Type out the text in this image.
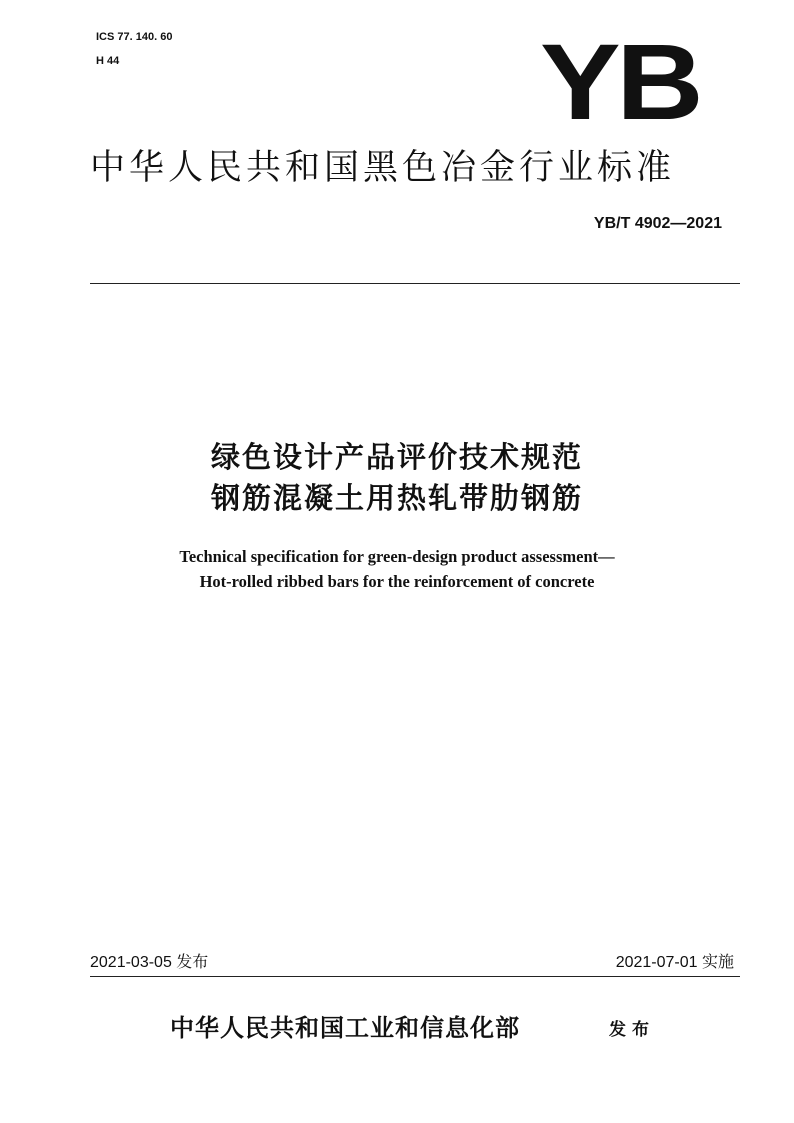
ICS 77. 140. 60
H 44	YB
中华人民共和国黑色冶金行业标准
YB/T 4902—2021
绿色设计产品评价技术规范
钢筋混凝土用热轧带肋钢筋
Technical specification for green-design product assessment—
Hot-rolled ribbed bars for the reinforcement of concrete
2021-03-05 发布	2021-07-01 实施
中华人民共和国工业和信息化部	发布
